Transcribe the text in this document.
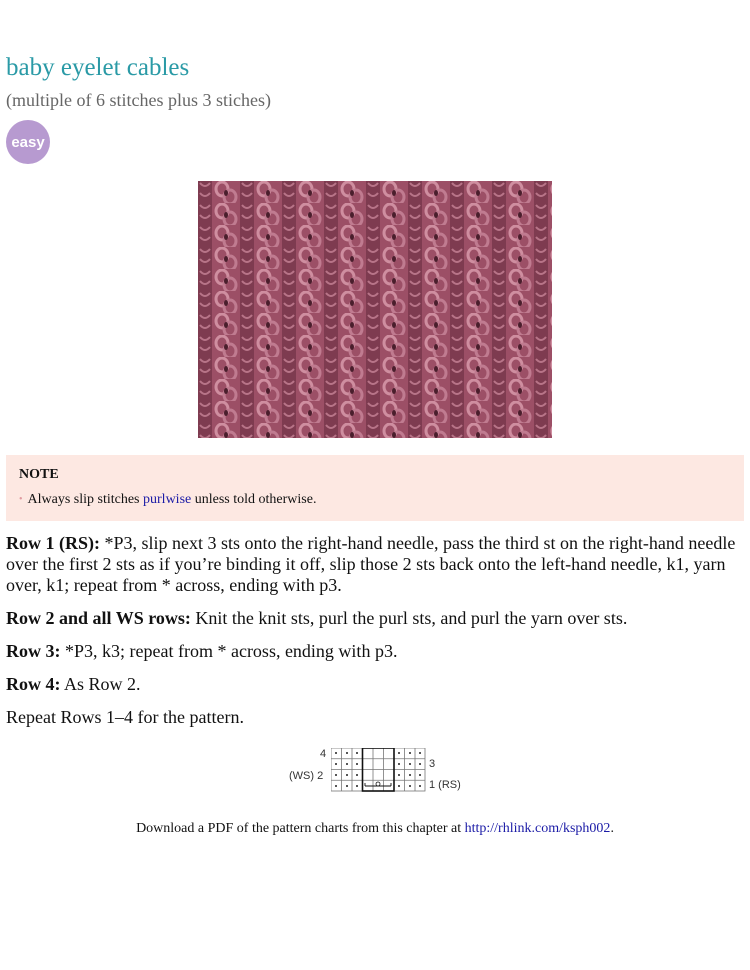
baby eyelet cables

(multiple of 6 stitches plus 3 stiches)

easy

NOTE

• Always slip stitches purlwise unless told otherwise.

Row 1 (RS): *P3, slip next 3 sts onto the right-hand needle, pass the third st on the right-hand needle over the first 2 sts as if you’re binding it off, slip those 2 sts back onto the left-hand needle, k1, yarn over, k1; repeat from * across, ending with p3.

Row 2 and all WS rows: Knit the knit sts, purl the purl sts, and purl the yarn over sts.

Row 3: *P3, k3; repeat from * across, ending with p3.

Row 4: As Row 2.

Repeat Rows 1–4 for the pattern.

4
(WS) 2
3
1 (RS)

Download a PDF of the pattern charts from this chapter at http://rhlink.com/ksph002.
